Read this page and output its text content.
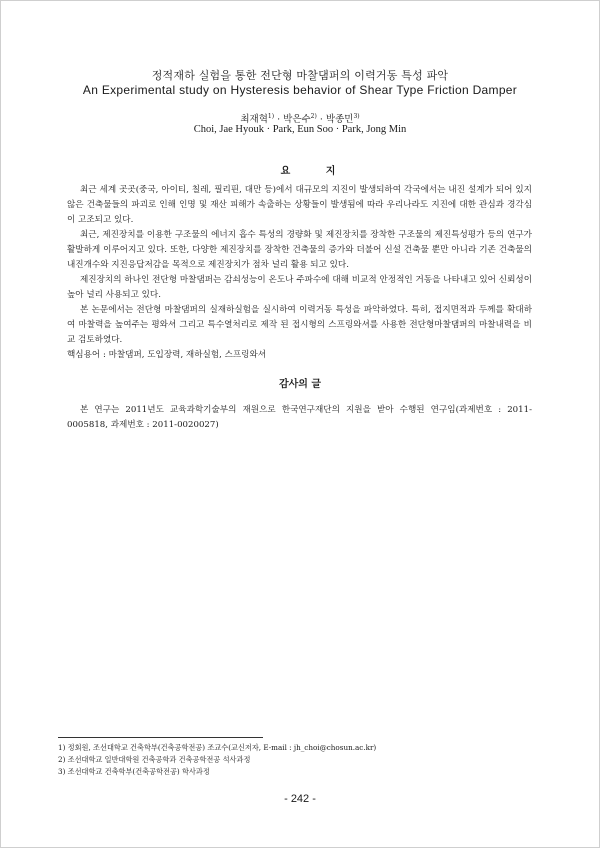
정적재하 실험을 통한 전단형 마찰댐퍼의 이력거동 특성 파악
An Experimental study on Hysteresis behavior of Shear Type Friction Damper
최재혁$^{1)}$ · 박은수$^{2)}$ · 박종민$^{3)}$
Choi, Jae Hyouk · Park, Eun Soo · Park, Jong Min
요 지

최근 세계 곳곳(중국, 아이티, 칠레, 필리핀, 대만 등)에서 대규모의 지진이 발생되하여 각국에서는 내진 설계가 되어 있지 않은 건축물들의 파괴로 인해 인명 및 재산 피해가 속출하는 상황들이 발생됨에 따라 우리나라도 지진에 대한 관심과 경각심이 고조되고 있다.

최근, 제진장치를 이용한 구조물의 에너지 흡수 특성의 경량화 및 제진장치를 장착한 구조물의 제진특성평가 등의 연구가 활발하게 이루어지고 있다. 또한, 다양한 제진장치를 장착한 건축물의 증가와 더불어 신설 건축물 뿐만 아니라 기존 건축물의 내진개수와 지진응답저감을 목적으로 제진장치가 점차 널리 활용 되고 있다.

제진장치의 하나인 전단형 마찰댐퍼는 감쇠성능이 온도나 주파수에 대해 비교적 안정적인 거동을 나타내고 있어 신뢰성이 높아 널리 사용되고 있다.

본 논문에서는 전단형 마찰댐퍼의 실재하실험을 실시하여 이력거동 특성을 파악하였다. 특히, 접지면적과 두께를 확대하여 마찰력을 높여주는 평와셔 그리고 특수열처리로 제작 된 접시형의 스프링와셔를 사용한 전단형마찰댐퍼의 마찰내력을 비교 검토하였다.

핵심용어 : 마찰댐퍼, 도입장력, 재하실험, 스프링와셔
감사의 글

본 연구는 2011년도 교육과학기술부의 재원으로 한국연구재단의 지원을 받아 수행된 연구임(과제번호 : 2011-0005818, 과제번호 : 2011-0020027)

1) 정회원, 조선대학교 건축학부(건축공학전공) 조교수(교신저자, E-mail : jh_choi@chosun.ac.kr)
2) 조선대학교 일반대학원 건축공학과 건축공학전공 석사과정
3) 조선대학교 건축학부(건축공학전공) 학사과정
- 242 -
